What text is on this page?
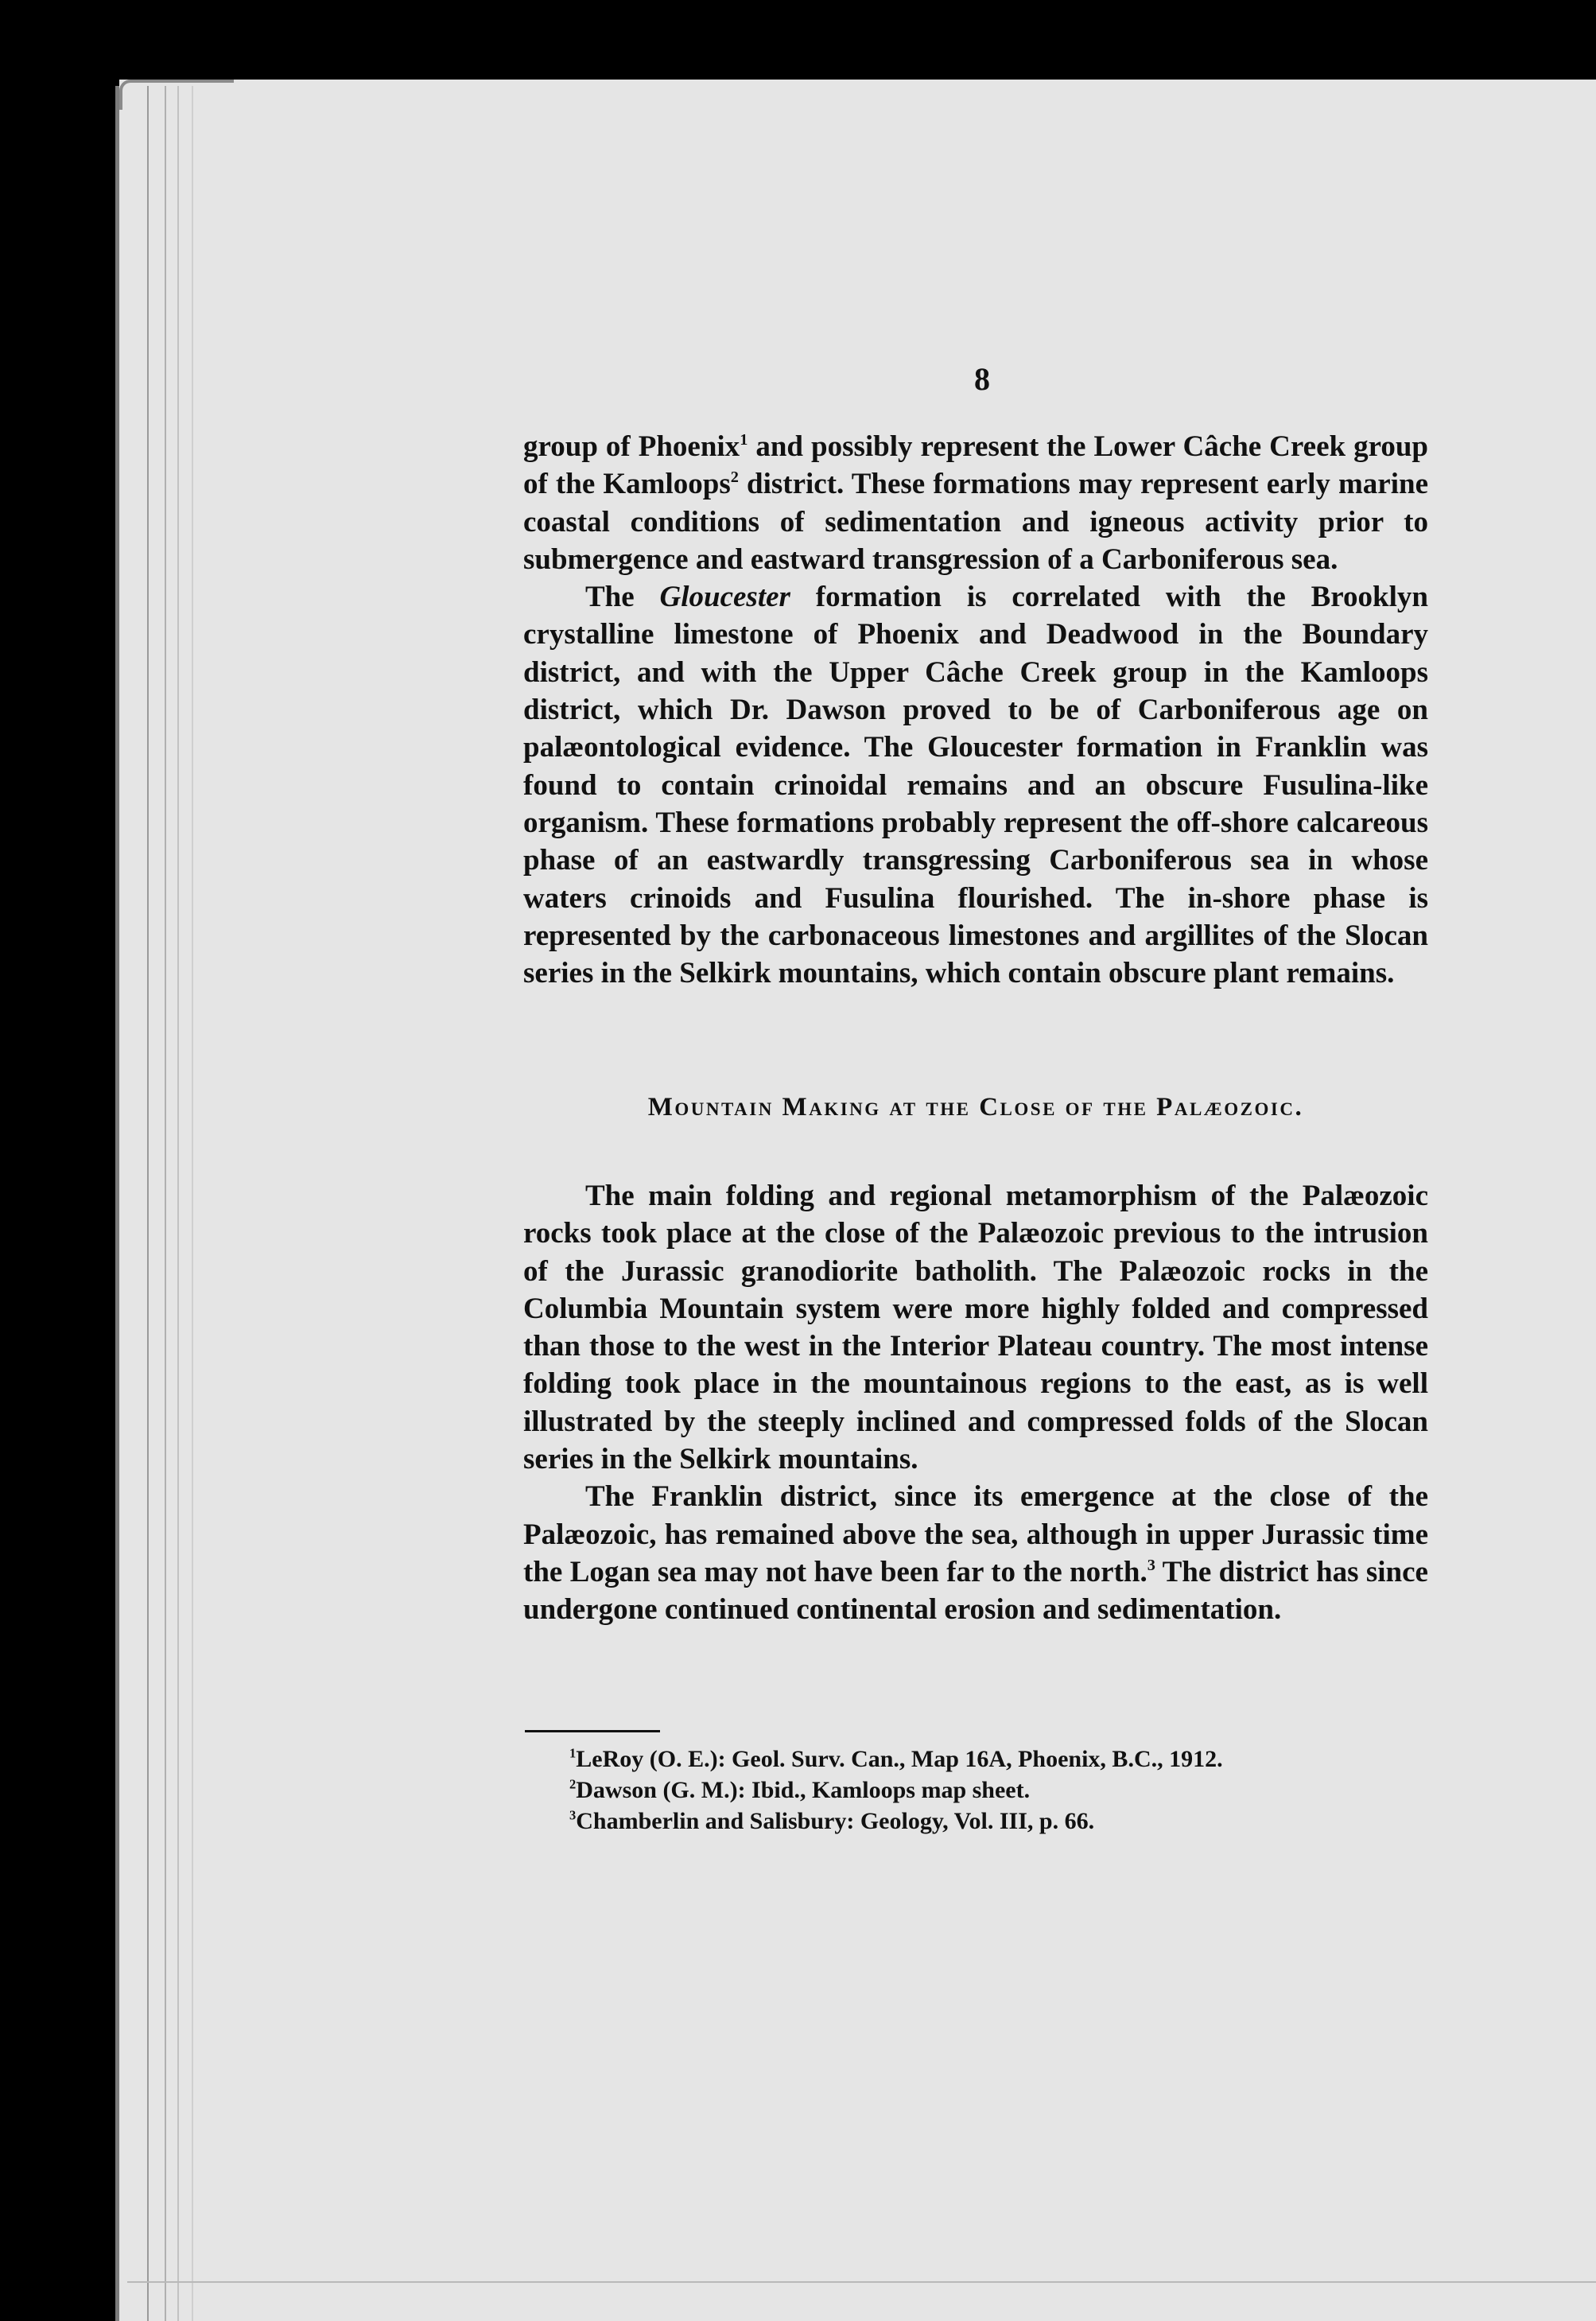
8

group of Phoenix$^1$ and possibly represent the Lower Câche Creek group of the Kamloops$^2$ district. These formations may represent early marine coastal conditions of sedimentation and igneous activity prior to submergence and eastward transgression of a Carboniferous sea.

The Gloucester formation is correlated with the Brooklyn crystalline limestone of Phoenix and Deadwood in the Boundary district, and with the Upper Câche Creek group in the Kamloops district, which Dr. Dawson proved to be of Carboniferous age on palæontological evidence. The Gloucester formation in Franklin was found to contain crinoidal remains and an obscure Fusulina-like organism. These formations probably represent the off-shore calcareous phase of an eastwardly transgressing Carboniferous sea in whose waters crinoids and Fusulina flourished. The in-shore phase is represented by the carbonaceous limestones and argillites of the Slocan series in the Selkirk mountains, which contain obscure plant remains.

Mountain Making at the Close of the Palæozoic.

The main folding and regional metamorphism of the Palæozoic rocks took place at the close of the Palæozoic previous to the intrusion of the Jurassic granodiorite batholith. The Palæozoic rocks in the Columbia Mountain system were more highly folded and compressed than those to the west in the Interior Plateau country. The most intense folding took place in the mountainous regions to the east, as is well illustrated by the steeply inclined and compressed folds of the Slocan series in the Selkirk mountains.

The Franklin district, since its emergence at the close of the Palæozoic, has remained above the sea, although in upper Jurassic time the Logan sea may not have been far to the north.$^3$ The district has since undergone continued continental erosion and sedimentation.

$^1$LeRoy (O. E.): Geol. Surv. Can., Map 16A, Phoenix, B.C., 1912.

$^2$Dawson (G. M.): Ibid., Kamloops map sheet.

$^3$Chamberlin and Salisbury: Geology, Vol. III, p. 66.
